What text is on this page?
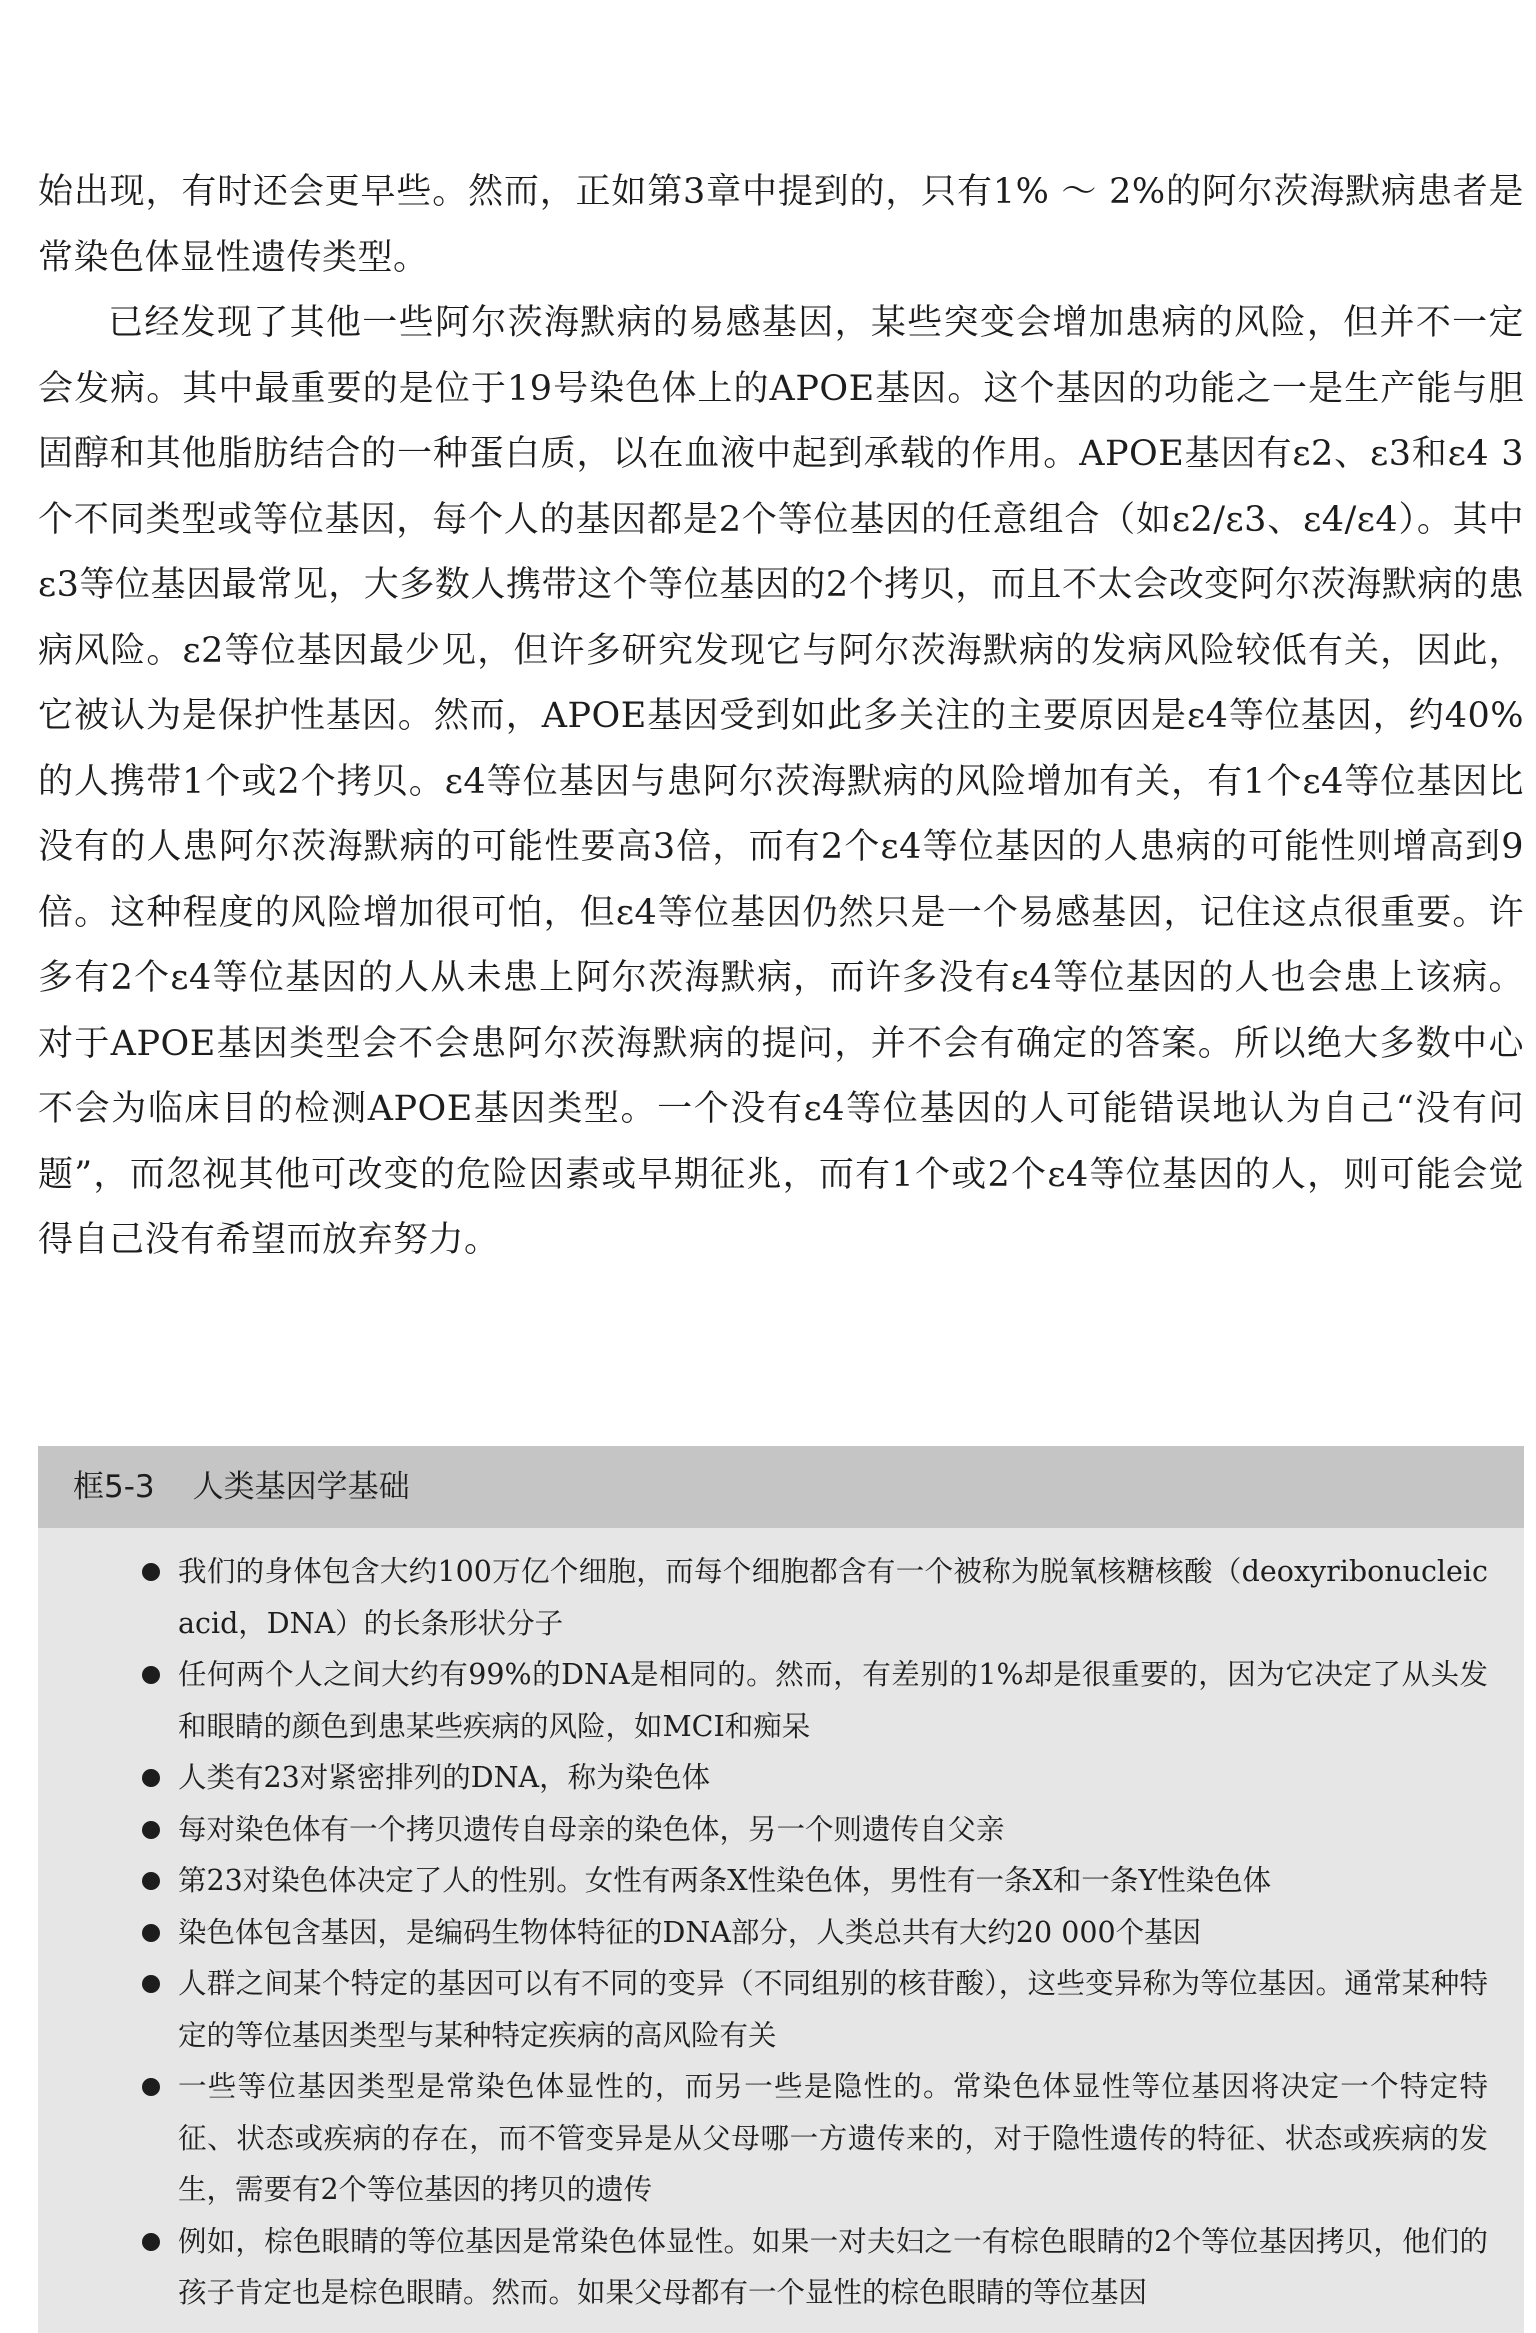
始出现，有时还会更早些。然而，正如第3章中提到的，只有1% ～ 2%的阿尔茨海默病患者是常染色体显性遗传类型。

已经发现了其他一些阿尔茨海默病的易感基因，某些突变会增加患病的风险，但并不一定会发病。其中最重要的是位于19号染色体上的APOE基因。这个基因的功能之一是生产能与胆固醇和其他脂肪结合的一种蛋白质，以在血液中起到承载的作用。APOE基因有ε2、ε3和ε4 3个不同类型或等位基因，每个人的基因都是2个等位基因的任意组合（如ε2/ε3、ε4/ε4）。其中ε3等位基因最常见，大多数人携带这个等位基因的2个拷贝，而且不太会改变阿尔茨海默病的患病风险。ε2等位基因最少见，但许多研究发现它与阿尔茨海默病的发病风险较低有关，因此，它被认为是保护性基因。然而，APOE基因受到如此多关注的主要原因是ε4等位基因，约40%的人携带1个或2个拷贝。ε4等位基因与患阿尔茨海默病的风险增加有关，有1个ε4等位基因比没有的人患阿尔茨海默病的可能性要高3倍，而有2个ε4等位基因的人患病的可能性则增高到9倍。这种程度的风险增加很可怕，但ε4等位基因仍然只是一个易感基因，记住这点很重要。许多有2个ε4等位基因的人从未患上阿尔茨海默病，而许多没有ε4等位基因的人也会患上该病。对于APOE基因类型会不会患阿尔茨海默病的提问，并不会有确定的答案。所以绝大多数中心不会为临床目的检测APOE基因类型。一个没有ε4等位基因的人可能错误地认为自己“没有问题”，而忽视其他可改变的危险因素或早期征兆，而有1个或2个ε4等位基因的人，则可能会觉得自己没有希望而放弃努力。

框5-3 人类基因学基础
我们的身体包含大约100万亿个细胞，而每个细胞都含有一个被称为脱氧核糖核酸（deoxyribonucleic acid，DNA）的长条形状分子
任何两个人之间大约有99%的DNA是相同的。然而，有差别的1%却是很重要的，因为它决定了从头发和眼睛的颜色到患某些疾病的风险，如MCI和痴呆
人类有23对紧密排列的DNA，称为染色体
每对染色体有一个拷贝遗传自母亲的染色体，另一个则遗传自父亲
第23对染色体决定了人的性别。女性有两条X性染色体，男性有一条X和一条Y性染色体
染色体包含基因，是编码生物体特征的DNA部分，人类总共有大约20 000个基因
人群之间某个特定的基因可以有不同的变异（不同组别的核苷酸），这些变异称为等位基因。通常某种特定的等位基因类型与某种特定疾病的高风险有关
一些等位基因类型是常染色体显性的，而另一些是隐性的。常染色体显性等位基因将决定一个特定特征、状态或疾病的存在，而不管变异是从父母哪一方遗传来的，对于隐性遗传的特征、状态或疾病的发生，需要有2个等位基因的拷贝的遗传
例如，棕色眼睛的等位基因是常染色体显性。如果一对夫妇之一有棕色眼睛的2个等位基因拷贝，他们的孩子肯定也是棕色眼睛。然而。如果父母都有一个显性的棕色眼睛的等位基因
